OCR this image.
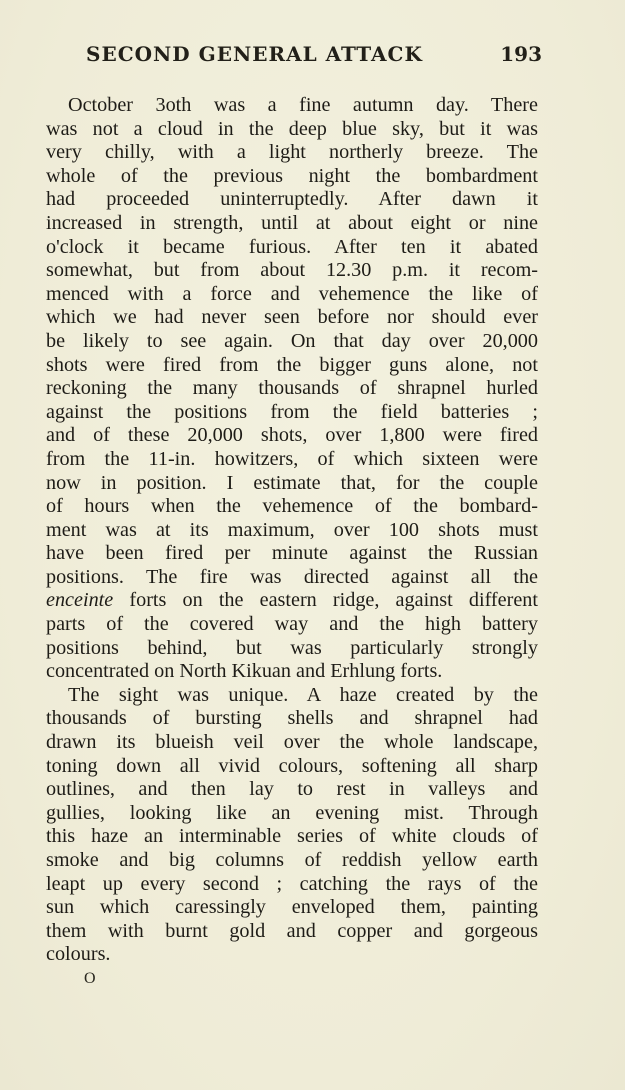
SECOND GENERAL ATTACK	193
October 3oth was a fine autumn day. There
was not a cloud in the deep blue sky, but it was
very chilly, with a light northerly breeze. The
whole of the previous night the bombardment
had proceeded uninterruptedly. After dawn it
increased in strength, until at about eight or nine
o'clock it became furious. After ten it abated
somewhat, but from about 12.30 p.m. it recom-
menced with a force and vehemence the like of
which we had never seen before nor should ever
be likely to see again. On that day over 20,000
shots were fired from the bigger guns alone, not
reckoning the many thousands of shrapnel hurled
against the positions from the field batteries ;
and of these 20,000 shots, over 1,800 were fired
from the 11-in. howitzers, of which sixteen were
now in position. I estimate that, for the couple
of hours when the vehemence of the bombard-
ment was at its maximum, over 100 shots must
have been fired per minute against the Russian
positions. The fire was directed against all the
enceinte forts on the eastern ridge, against different
parts of the covered way and the high battery
positions behind, but was particularly strongly
concentrated on North Kikuan and Erhlung forts.
The sight was unique. A haze created by the
thousands of bursting shells and shrapnel had
drawn its blueish veil over the whole landscape,
toning down all vivid colours, softening all sharp
outlines, and then lay to rest in valleys and
gullies, looking like an evening mist. Through
this haze an interminable series of white clouds of
smoke and big columns of reddish yellow earth
leapt up every second ; catching the rays of the
sun which caressingly enveloped them, painting
them with burnt gold and copper and gorgeous
colours.
O
